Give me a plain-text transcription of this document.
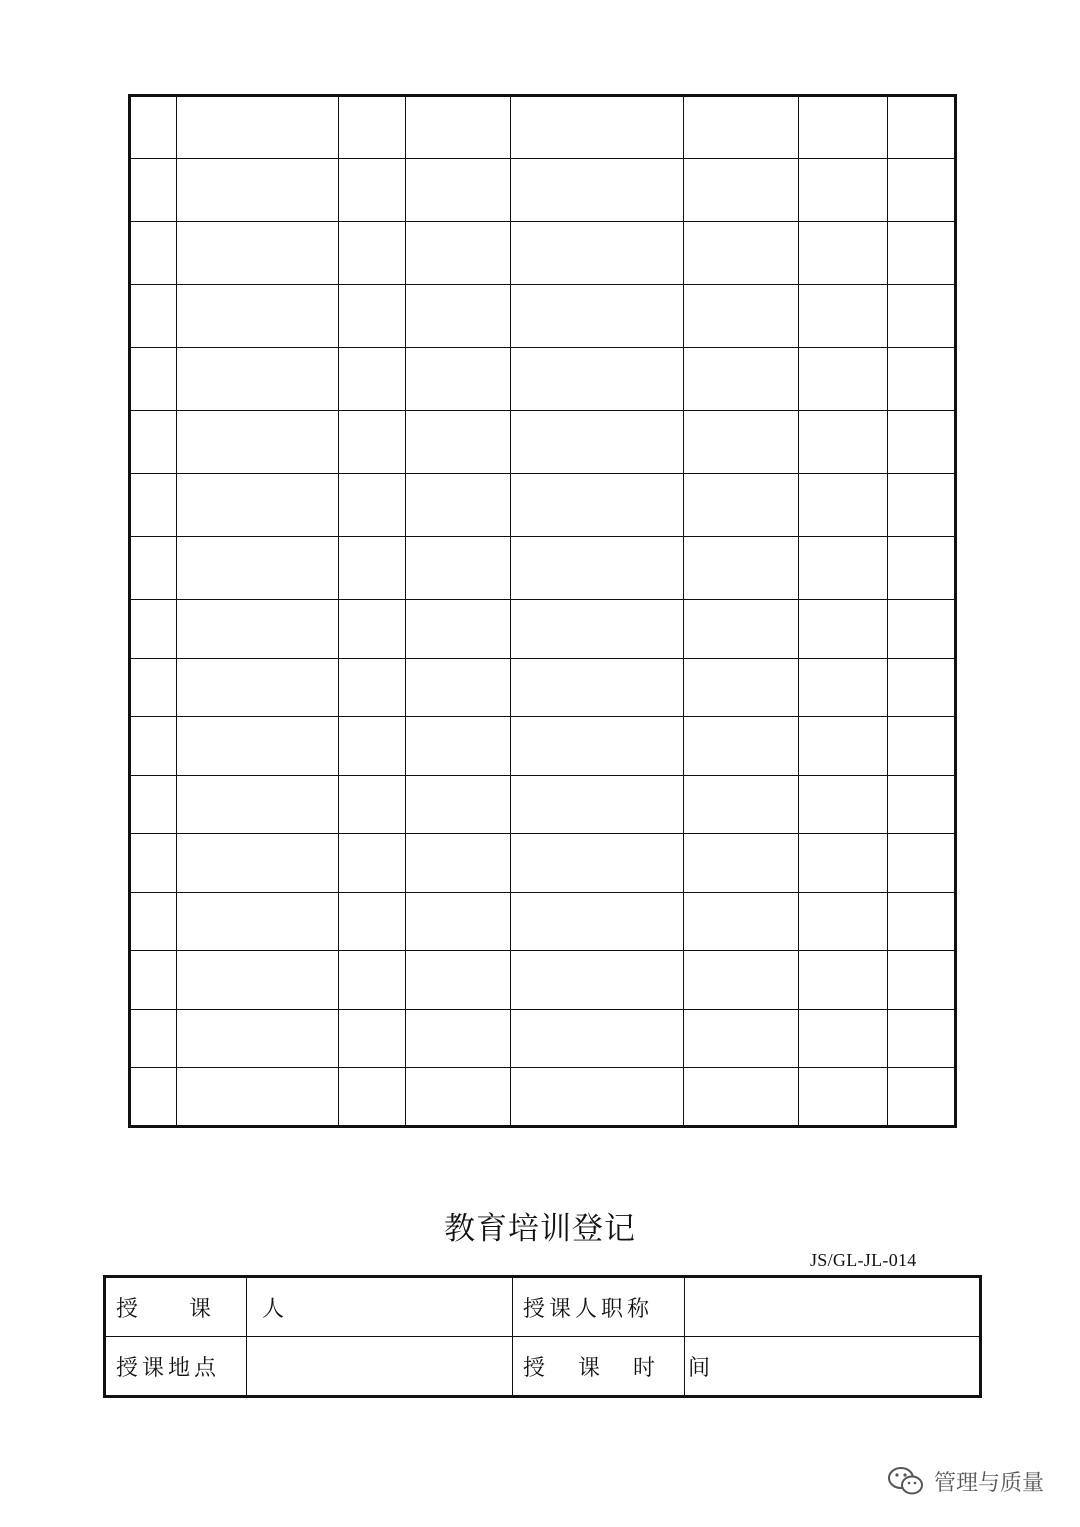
教育培训登记
JS/GL-JL-014
授 课 人		授课人职称	
授课地点		授 课 时 间	
管理与质量
